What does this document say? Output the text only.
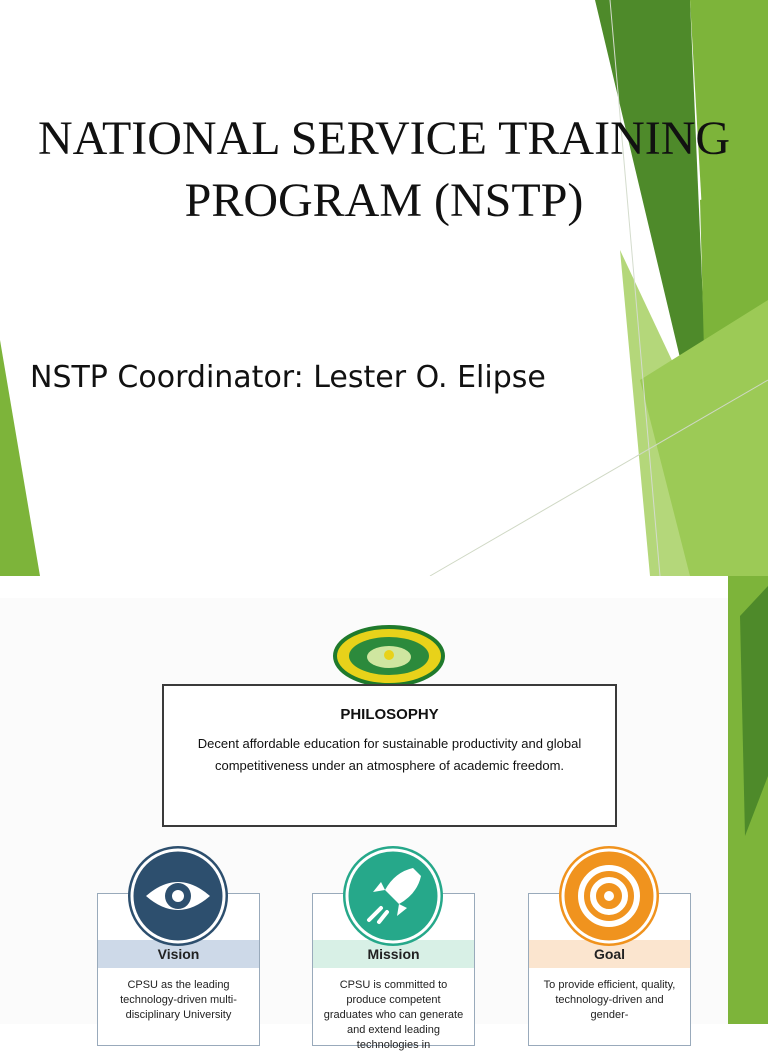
NATIONAL SERVICE TRAINING
PROGRAM (NSTP)
NSTP Coordinator: Lester O. Elipse
PHILOSOPHY
Decent affordable education for sustainable productivity and global competitiveness under an atmosphere of academic freedom.
Vision
CPSU as the leading technology-driven multi-disciplinary University
Mission
CPSU is committed to produce competent graduates who can generate and extend leading technologies in
Goal
To provide efficient, quality, technology-driven and gender-
